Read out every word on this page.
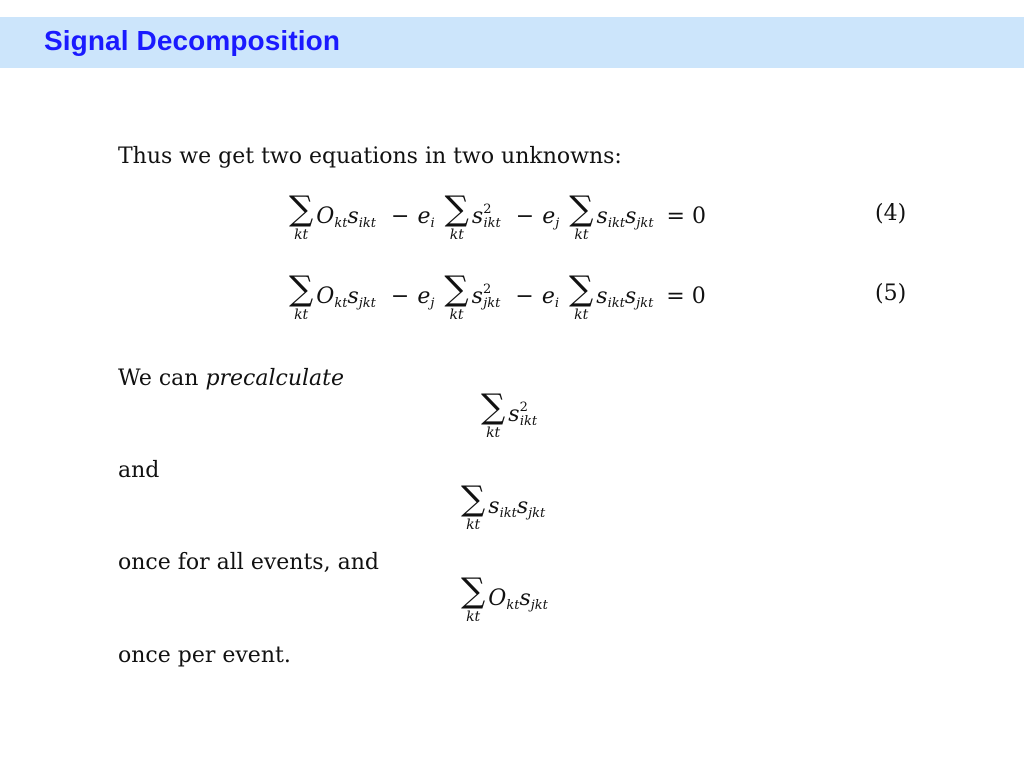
Signal Decomposition
Thus we get two equations in two unknowns:
∑
kt
$O_{kt}s_{ikt} - e_i$ ∑
kt
$s^2_{ikt} - e_j$ ∑
kt
$s_{ikt}s_{jkt} = 0$	(4)
∑
kt
$O_{kt}s_{jkt} - e_j$ ∑
kt
$s^2_{jkt} - e_i$ ∑
kt
$s_{ikt}s_{jkt} = 0$	(5)
We can precalculate
∑
kt
$s^2_{ikt}$
and
∑
kt
$s_{ikt}s_{jkt}$
once for all events, and
∑
kt
$O_{kt}s_{jkt}$
once per event.
